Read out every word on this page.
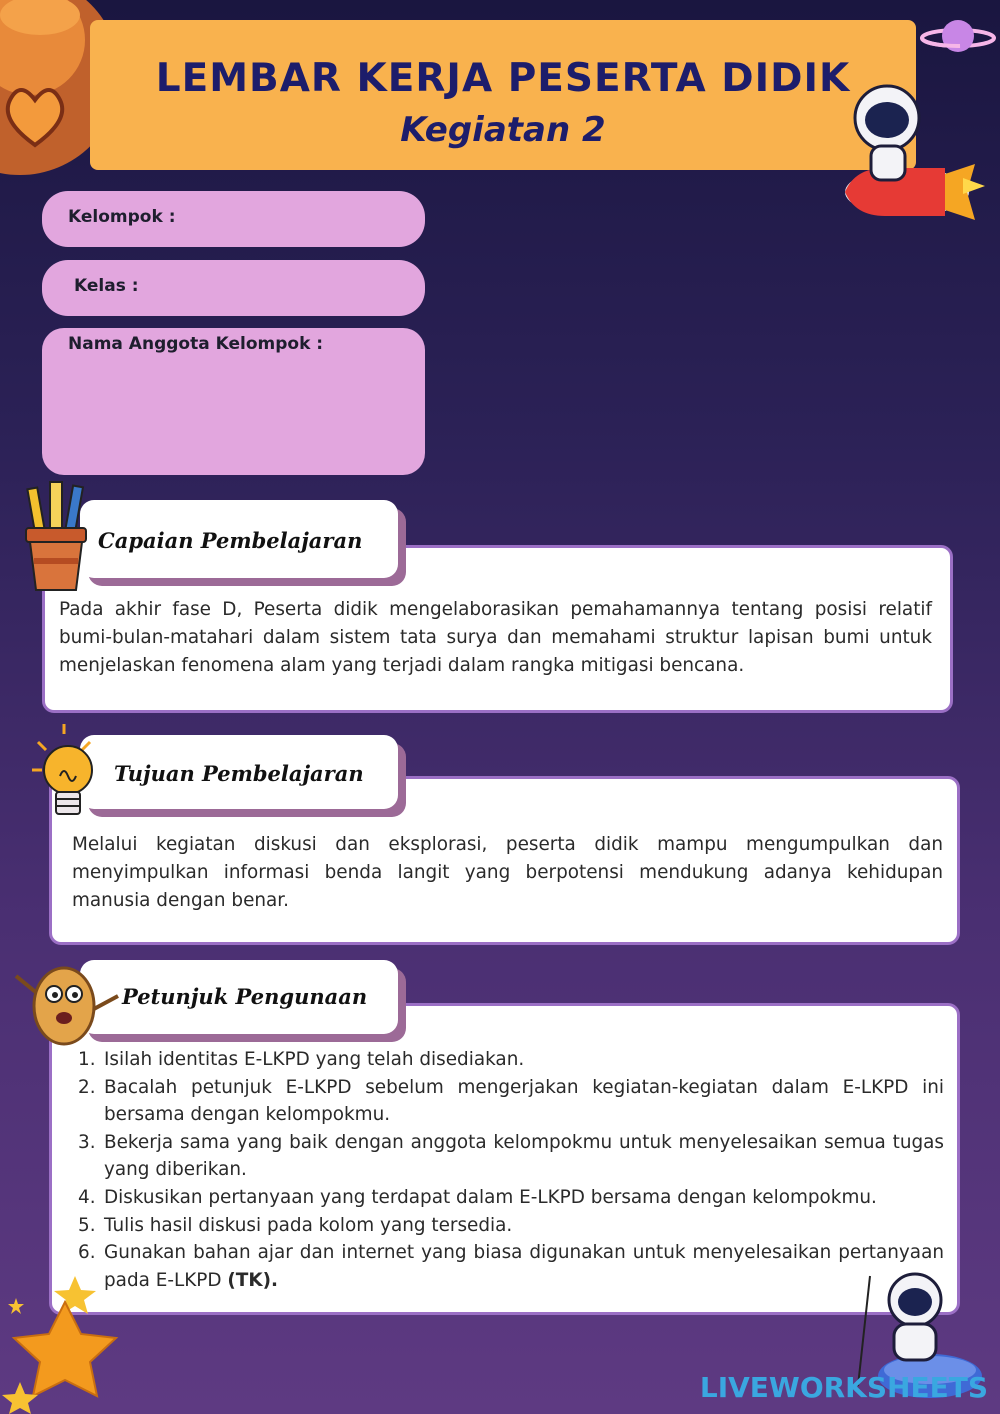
LEMBAR KERJA PESERTA DIDIK
Kegiatan 2
Kelompok :
Kelas :
Nama Anggota Kelompok :
Pada akhir fase D, Peserta didik mengelaborasikan pemahamannya tentang posisi relatif bumi-bulan-matahari dalam sistem tata surya dan memahami struktur lapisan bumi untuk menjelaskan fenomena alam yang terjadi dalam rangka mitigasi bencana.
Capaian Pembelajaran
Melalui kegiatan diskusi dan eksplorasi, peserta didik mampu mengumpulkan dan menyimpulkan informasi benda langit yang berpotensi mendukung adanya kehidupan manusia dengan benar.
Tujuan Pembelajaran
1. Isilah identitas E-LKPD yang telah disediakan.
2. Bacalah petunjuk E-LKPD sebelum mengerjakan kegiatan-kegiatan dalam E-LKPD ini bersama dengan kelompokmu.
3. Bekerja sama yang baik dengan anggota kelompokmu untuk menyelesaikan semua tugas yang diberikan.
4. Diskusikan pertanyaan yang terdapat dalam E-LKPD bersama dengan kelompokmu.
5. Tulis hasil diskusi pada kolom yang tersedia.
6. Gunakan bahan ajar dan internet yang biasa digunakan untuk menyelesaikan pertanyaan pada E-LKPD (TK).
Petunjuk Pengunaan
LIVEWORKSHEETS
